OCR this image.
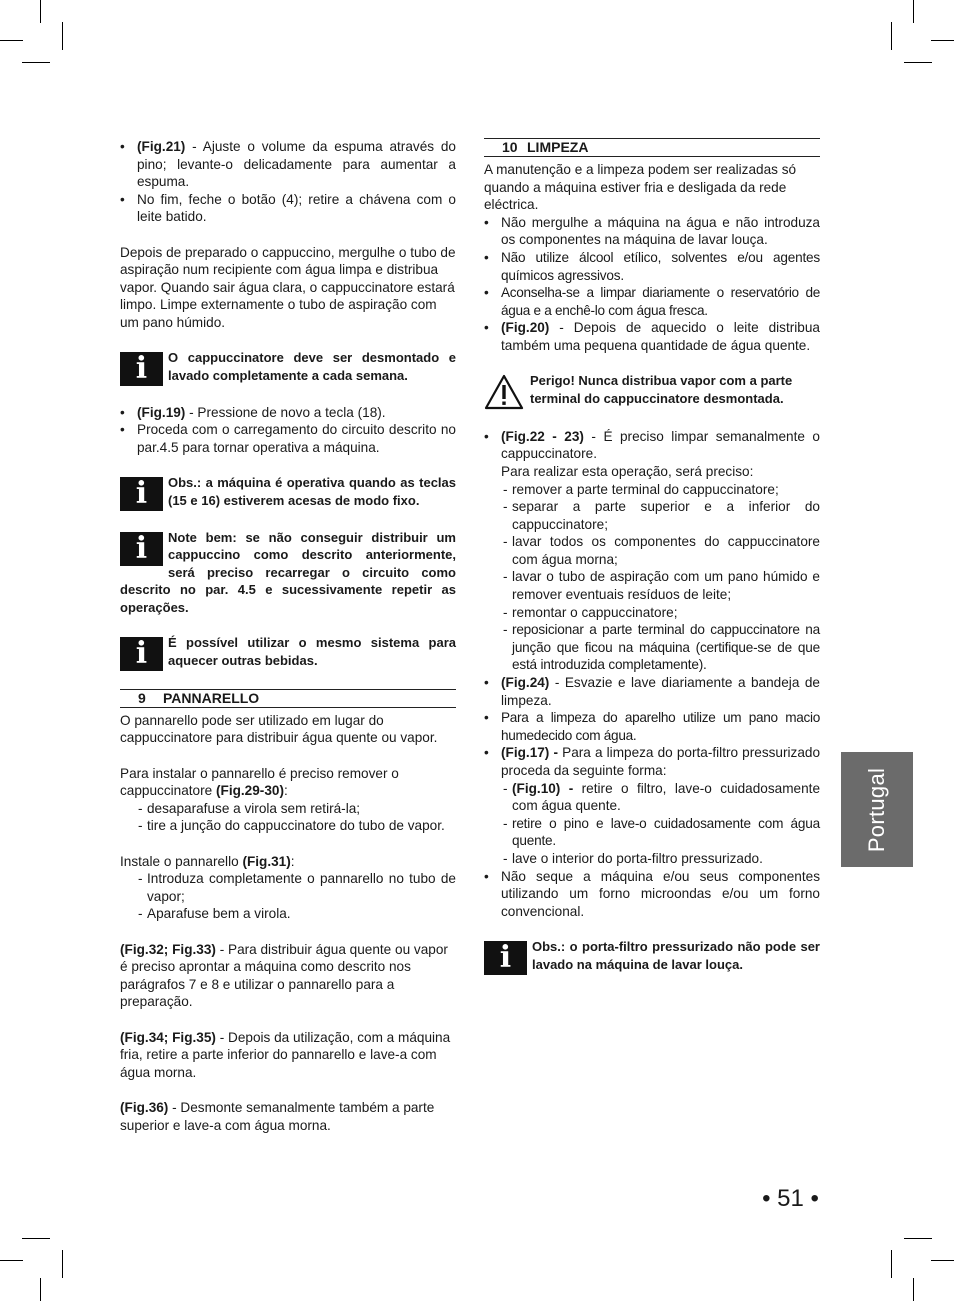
• (Fig.21) - Ajuste o volume da espuma através do pino; levante-o delicadamente para aumentar a espuma.
• No fim, feche o botão (4); retire a chávena com o leite batido.
Depois de preparado o cappuccino, mergulhe o tubo de aspiração num recipiente com água limpa e distribua vapor. Quando sair água clara, o cappuccinatore estará limpo. Limpe externamente o tubo de aspiração com um pano húmido.
i O cappuccinatore deve ser desmontado e lavado completamente a cada semana.
• (Fig.19) - Pressione de novo a tecla (18).
• Proceda com o carregamento do circuito descrito no par.4.5 para tornar operativa a máquina.
i Obs.: a máquina é operativa quando as teclas (15 e 16) estiverem acesas de modo fixo.
i Note bem: se não conseguir distribuir um cappuccino como descrito anteriormente, será preciso recarregar o circuito como descrito no par. 4.5 e sucessivamente repetir as operações.
i É possível utilizar o mesmo sistema para aquecer outras bebidas.
9 PANNARELLO
O pannarello pode ser utilizado em lugar do cappuccinatore para distribuir água quente ou vapor.
Para instalar o pannarello é preciso remover o cappuccinatore (Fig.29-30):
- desaparafuse a virola sem retirá-la;
- tire a junção do cappuccinatore do tubo de vapor.
Instale o pannarello (Fig.31):
- Introduza completamente o pannarello no tubo de vapor;
- Aparafuse bem a virola.
(Fig.32; Fig.33) - Para distribuir água quente ou vapor é preciso aprontar a máquina como descrito nos parágrafos 7 e 8 e utilizar o pannarello para a preparação.
(Fig.34; Fig.35) - Depois da utilização, com a máquina fria, retire a parte inferior do pannarello e lave-a com água morna.
(Fig.36) - Desmonte semanalmente também a parte superior e lave-a com água morna.
10 LIMPEZA
A manutenção e a limpeza podem ser realizadas só quando a máquina estiver fria e desligada da rede eléctrica.
• Não mergulhe a máquina na água e não introduza os componentes na máquina de lavar louça.
• Não utilize álcool etílico, solventes e/ou agentes químicos agressivos.
• Aconselha-se a limpar diariamente o reservatório de água e a enchê-lo com água fresca.
• (Fig.20) - Depois de aquecido o leite distribua também uma pequena quantidade de água quente.
Perigo! Nunca distribua vapor com a parte terminal do cappuccinatore desmontada.
• (Fig.22 - 23) - É preciso limpar semanalmente o cappuccinatore.
Para realizar esta operação, será preciso:
- remover a parte terminal do cappuccinatore;
- separar a parte superior e a inferior do cappuccinatore;
- lavar todos os componentes do cappuccinatore com água morna;
- lavar o tubo de aspiração com um pano húmido e remover eventuais resíduos de leite;
- remontar o cappuccinatore;
- reposicionar a parte terminal do cappuccinatore na junção que ficou na máquina (certifique-se de que está introduzida completamente).
• (Fig.24) - Esvazie e lave diariamente a bandeja de limpeza.
• Para a limpeza do aparelho utilize um pano macio humedecido com água.
• (Fig.17) - Para a limpeza do porta-filtro pressurizado proceda da seguinte forma:
- (Fig.10) - retire o filtro, lave-o cuidadosamente com água quente.
- retire o pino e lave-o cuidadosamente com água quente.
- lave o interior do porta-filtro pressurizado.
• Não seque a máquina e/ou seus componentes utilizando um forno microondas e/ou um forno convencional.
i Obs.: o porta-filtro pressurizado não pode ser lavado na máquina de lavar louça.
Portugal
• 51 •
